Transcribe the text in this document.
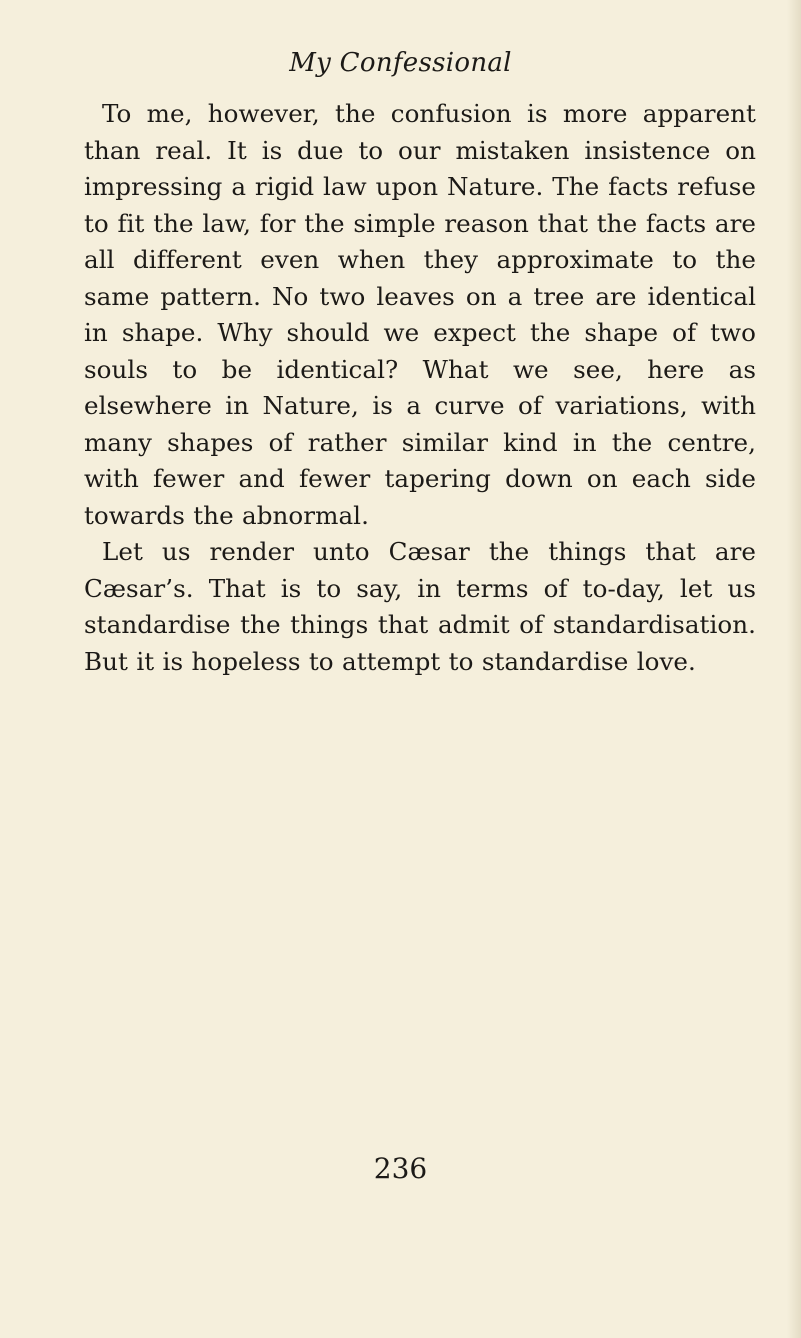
My Confessional

To me, however, the confusion is more apparent than real. It is due to our mistaken insistence on impressing a rigid law upon Nature. The facts refuse to fit the law, for the simple reason that the facts are all different even when they approximate to the same pattern. No two leaves on a tree are identical in shape. Why should we expect the shape of two souls to be identical? What we see, here as elsewhere in Nature, is a curve of variations, with many shapes of rather similar kind in the centre, with fewer and fewer tapering down on each side towards the abnormal.

Let us render unto Cæsar the things that are Cæsar’s. That is to say, in terms of to-day, let us standardise the things that admit of standardisation. But it is hopeless to attempt to standardise love.

236
